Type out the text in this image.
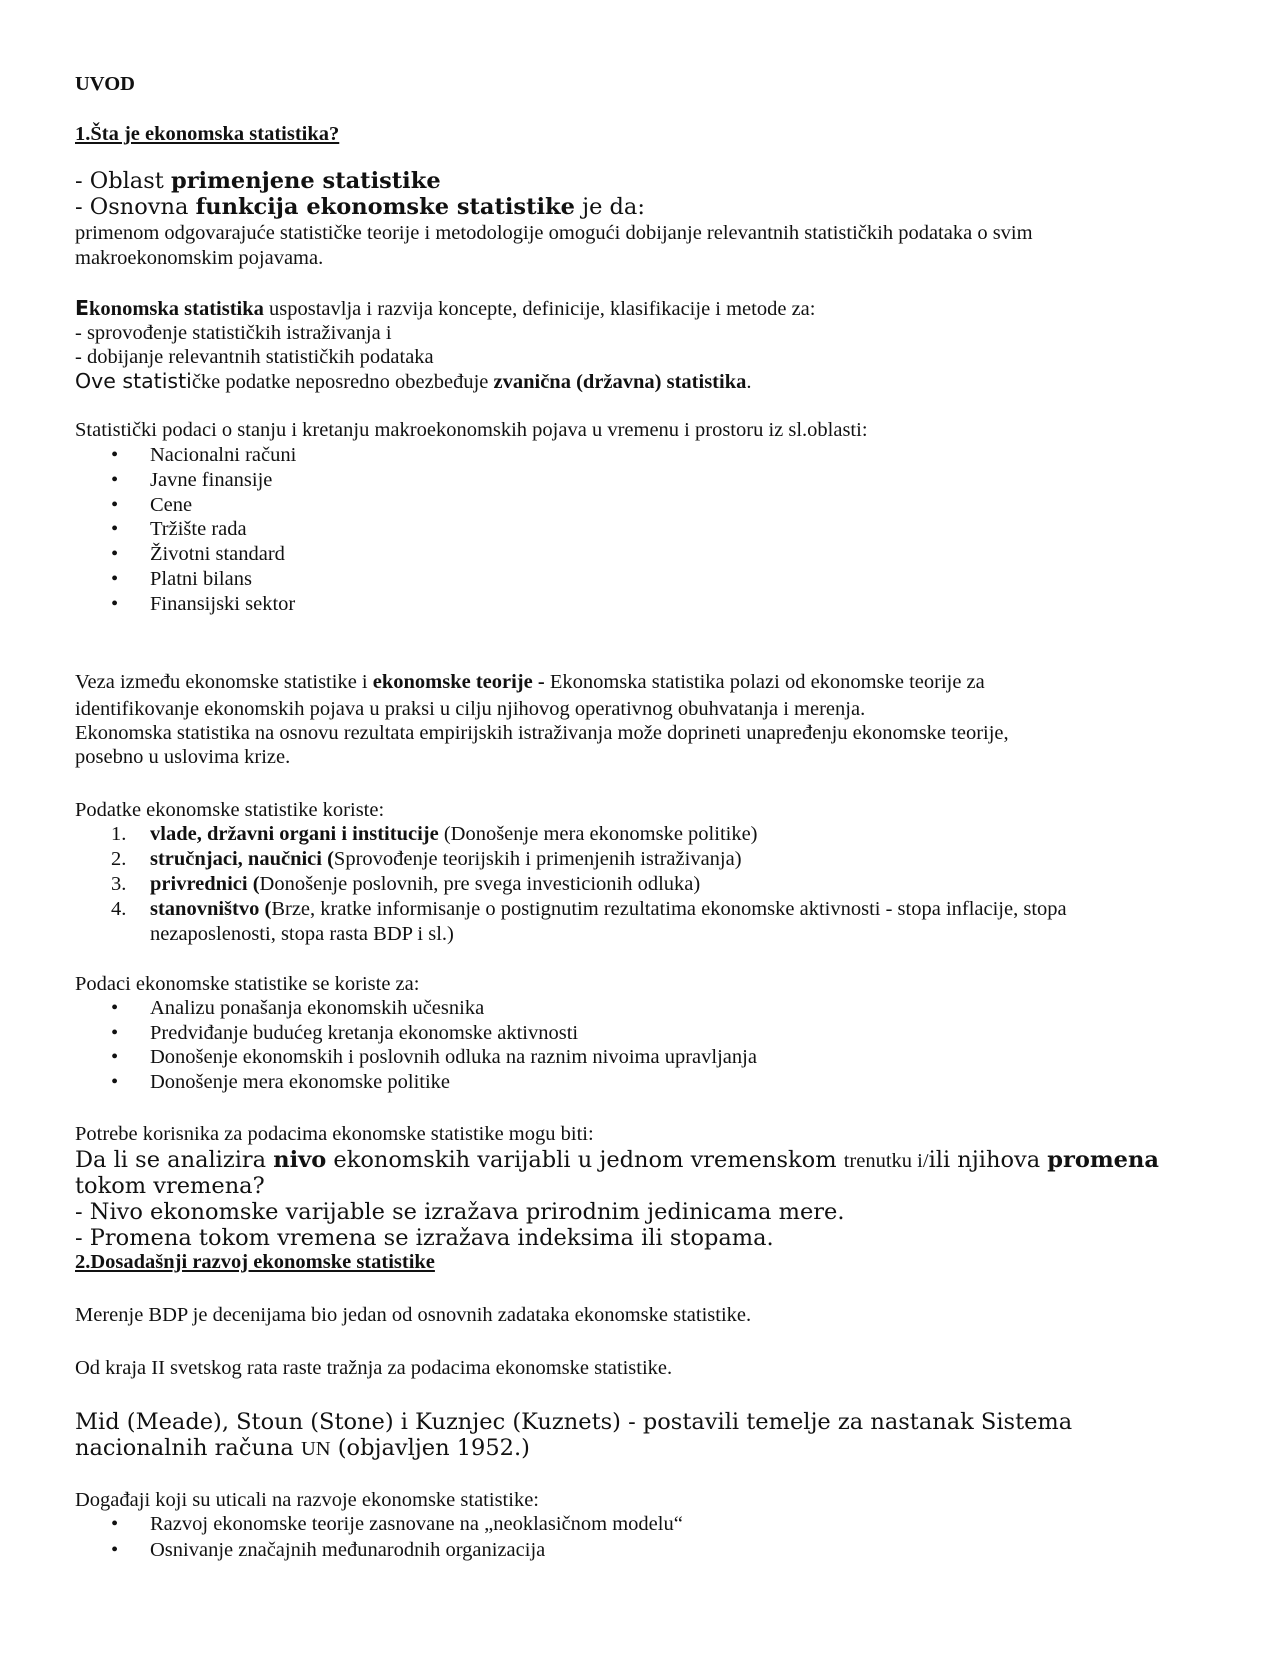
UVOD
1.Šta je ekonomska statistika?
- Oblast primenjene statistike
- Osnovna funkcija ekonomske statistike je da:
primenom odgovarajuće statističke teorije i metodologije omogući dobijanje relevantnih statističkih podataka o svim
makroekonomskim pojavama.
Ekonomska statistika uspostavlja i razvija koncepte, definicije, klasifikacije i metode za:
- sprovođenje statističkih istraživanja i
- dobijanje relevantnih statističkih podataka
Ove statističke podatke neposredno obezbeđuje zvanična (državna) statistika.
Statistički podaci o stanju i kretanju makroekonomskih pojava u vremenu i prostoru iz sl.oblasti:
• Nacionalni računi
• Javne finansije
• Cene
• Tržište rada
• Životni standard
• Platni bilans
• Finansijski sektor
Veza između ekonomske statistike i ekonomske teorije - Ekonomska statistika polazi od ekonomske teorije za
identifikovanje ekonomskih pojava u praksi u cilju njihovog operativnog obuhvatanja i merenja.
Ekonomska statistika na osnovu rezultata empirijskih istraživanja može doprineti unapređenju ekonomske teorije,
posebno u uslovima krize.
Podatke ekonomske statistike koriste:
1.	vlade, državni organi i institucije (Donošenje mera ekonomske politike)
2.	stručnjaci, naučnici (Sprovođenje teorijskih i primenjenih istraživanja)
3.	privrednici (Donošenje poslovnih, pre svega investicionih odluka)
4.	stanovništvo (Brze, kratke informisanje o postignutim rezultatima ekonomske aktivnosti - stopa inflacije, stopa
nezaposlenosti, stopa rasta BDP i sl.)
Podaci ekonomske statistike se koriste za:
• Analizu ponašanja ekonomskih učesnika
• Predviđanje budućeg kretanja ekonomske aktivnosti
• Donošenje ekonomskih i poslovnih odluka na raznim nivoima upravljanja
• Donošenje mera ekonomske politike
Potrebe korisnika za podacima ekonomske statistike mogu biti:
Da li se analizira nivo ekonomskih varijabli u jednom vremenskom trenutku i/ili njihova promena
tokom vremena?
- Nivo ekonomske varijable se izražava prirodnim jedinicama mere.
- Promena tokom vremena se izražava indeksima ili stopama.
2.Dosadašnji razvoj ekonomske statistike
Merenje BDP je decenijama bio jedan od osnovnih zadataka ekonomske statistike.
Od kraja II svetskog rata raste tražnja za podacima ekonomske statistike.
Mid (Meade), Stoun (Stone) i Kuznjec (Kuznets) - postavili temelje za nastanak Sistema
nacionalnih računa UN (objavljen 1952.)
Događaji koji su uticali na razvoje ekonomske statistike:
• Razvoj ekonomske teorije zasnovane na „neoklasičnom modelu“
• Osnivanje značajnih međunarodnih organizacija
